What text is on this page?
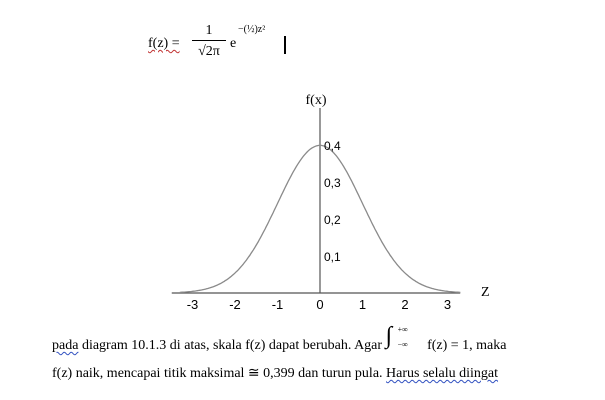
f(z) =
1
√2π
e
−(½)z²
-3 -2 -1	0	1	2	3
0,1
0,2
0,3
0,4
f(x)
Z
pada diagram 10.1.3 di atas, skala f(z) dapat berubah. Agar ∫ +∞
−∞ f(z) = 1, maka
f(z) naik, mencapai titik maksimal ≅ 0,399 dan turun pula. Harus selalu diingat
